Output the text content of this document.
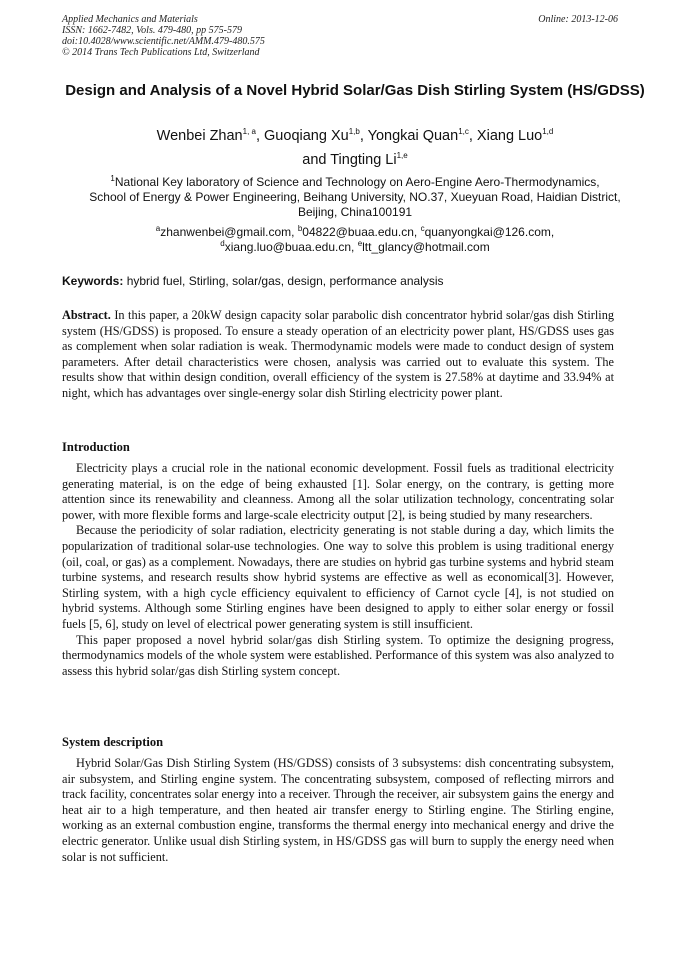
Applied Mechanics and Materials
ISSN: 1662-7482, Vols. 479-480, pp 575-579
doi:10.4028/www.scientific.net/AMM.479-480.575
© 2014 Trans Tech Publications Ltd, Switzerland
Online: 2013-12-06
Design and Analysis of a Novel Hybrid Solar/Gas Dish Stirling System (HS/GDSS)
Wenbei Zhan$^{1, a}$, Guoqiang Xu$^{1,b}$, Yongkai Quan$^{1,c}$, Xiang Luo$^{1,d}$
and Tingting Li$^{1,e}$
$^1$National Key laboratory of Science and Technology on Aero-Engine Aero-Thermodynamics,
School of Energy & Power Engineering, Beihang University, NO.37, Xueyuan Road, Haidian District,
Beijing, China100191
$^a$zhanwenbei@gmail.com, $^b$04822@buaa.edu.cn, $^c$quanyongkai@126.com,
$^d$xiang.luo@buaa.edu.cn, $^e$ltt_glancy@hotmail.com
Keywords: hybrid fuel, Stirling, solar/gas, design, performance analysis
Abstract. In this paper, a 20kW design capacity solar parabolic dish concentrator hybrid solar/gas dish Stirling system (HS/GDSS) is proposed. To ensure a steady operation of an electricity power plant, HS/GDSS uses gas as complement when solar radiation is weak. Thermodynamic models were made to conduct design of system parameters. After detail characteristics were chosen, analysis was carried out to evaluate this system. The results show that within design condition, overall efficiency of the system is 27.58% at daytime and 33.94% at night, which has advantages over single-energy solar dish Stirling electricity power plant.
Introduction

Electricity plays a crucial role in the national economic development. Fossil fuels as traditional electricity generating material, is on the edge of being exhausted [1]. Solar energy, on the contrary, is getting more attention since its renewability and cleanness. Among all the solar utilization technology, concentrating solar power, with more flexible forms and large-scale electricity output [2], is being studied by many researchers.

Because the periodicity of solar radiation, electricity generating is not stable during a day, which limits the popularization of traditional solar-use technologies. One way to solve this problem is using traditional energy (oil, coal, or gas) as a complement. Nowadays, there are studies on hybrid gas turbine systems and hybrid steam turbine systems, and research results show hybrid systems are effective as well as economical[3]. However, Stirling system, with a high cycle efficiency equivalent to efficiency of Carnot cycle [4], is not studied on hybrid systems. Although some Stirling engines have been designed to apply to either solar energy or fossil fuels [5, 6], study on level of electrical power generating system is still insufficient.

This paper proposed a novel hybrid solar/gas dish Stirling system. To optimize the designing progress, thermodynamics models of the whole system were established. Performance of this system was also analyzed to assess this hybrid solar/gas dish Stirling system concept.

System description

Hybrid Solar/Gas Dish Stirling System (HS/GDSS) consists of 3 subsystems: dish concentrating subsystem, air subsystem, and Stirling engine system. The concentrating subsystem, composed of reflecting mirrors and track facility, concentrates solar energy into a receiver. Through the receiver, air subsystem gains the energy and heat air to a high temperature, and then heated air transfer energy to Stirling engine. The Stirling engine, working as an external combustion engine, transforms the thermal energy into mechanical energy and drive the electric generator. Unlike usual dish Stirling system, in HS/GDSS gas will burn to supply the energy need when solar is not sufficient.
